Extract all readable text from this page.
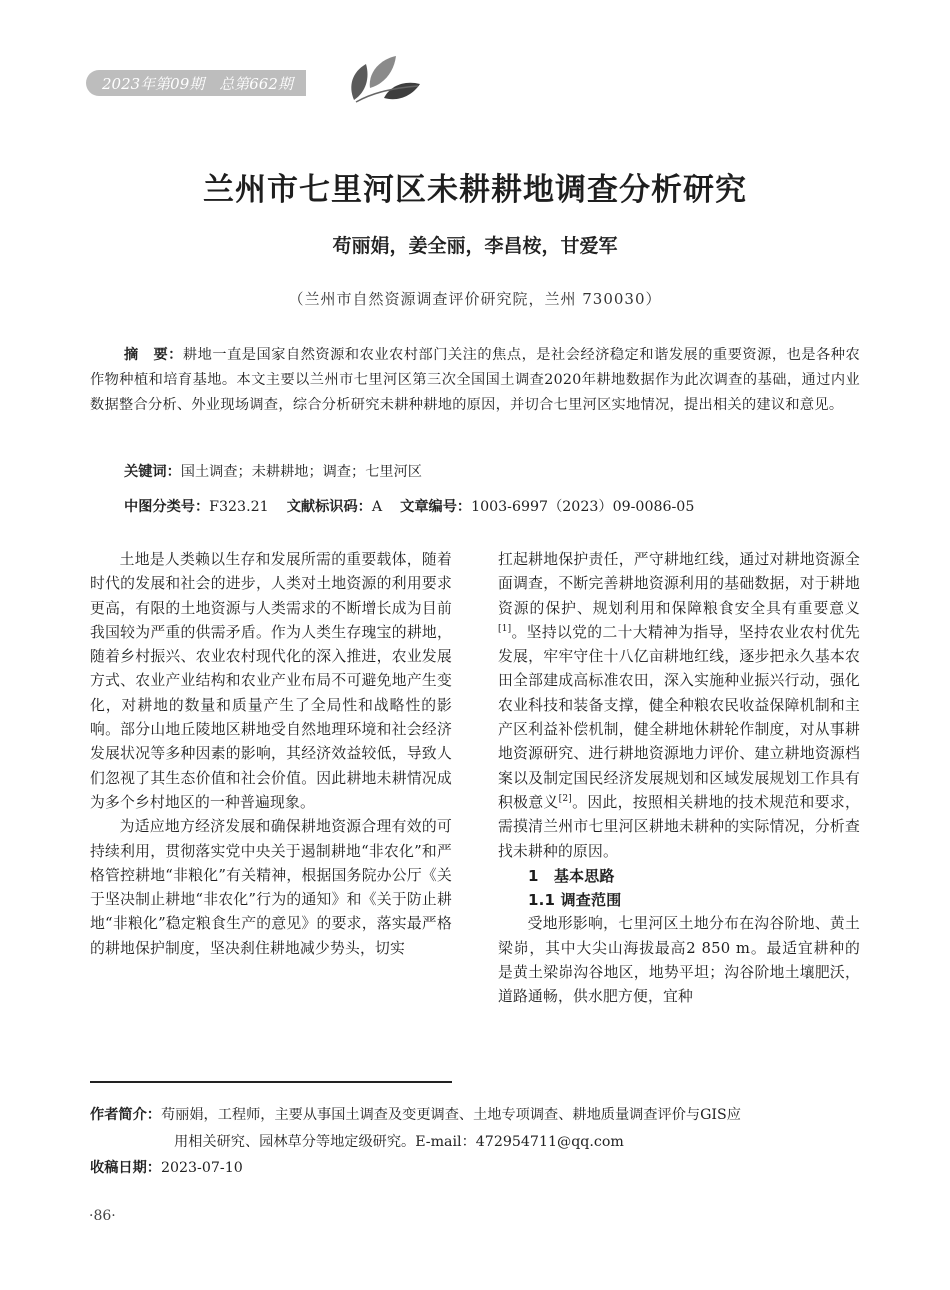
2023年第09期　总第662期
兰州市七里河区未耕耕地调查分析研究
苟丽娟，姜全丽，李昌桉，甘爱军
（兰州市自然资源调查评价研究院，兰州 730030）
摘　要：耕地一直是国家自然资源和农业农村部门关注的焦点，是社会经济稳定和谐发展的重要资源，也是各种农作物种植和培育基地。本文主要以兰州市七里河区第三次全国国土调查2020年耕地数据作为此次调查的基础，通过内业数据整合分析、外业现场调查，综合分析研究未耕种耕地的原因，并切合七里河区实地情况，提出相关的建议和意见。
关键词：国土调查；未耕耕地；调查；七里河区
中图分类号：F323.21 文献标识码：A 文章编号：1003-6997（2023）09-0086-05

土地是人类赖以生存和发展所需的重要载体，随着时代的发展和社会的进步，人类对土地资源的利用要求更高，有限的土地资源与人类需求的不断增长成为目前我国较为严重的供需矛盾。作为人类生存瑰宝的耕地，随着乡村振兴、农业农村现代化的深入推进，农业发展方式、农业产业结构和农业产业布局不可避免地产生变化，对耕地的数量和质量产生了全局性和战略性的影响。部分山地丘陵地区耕地受自然地理环境和社会经济发展状况等多种因素的影响，其经济效益较低，导致人们忽视了其生态价值和社会价值。因此耕地未耕情况成为多个乡村地区的一种普遍现象。

为适应地方经济发展和确保耕地资源合理有效的可持续利用，贯彻落实党中央关于遏制耕地“非农化”和严格管控耕地“非粮化”有关精神，根据国务院办公厅《关于坚决制止耕地“非农化”行为的通知》和《关于防止耕地“非粮化”稳定粮食生产的意见》的要求，落实最严格的耕地保护制度，坚决刹住耕地减少势头，切实

扛起耕地保护责任，严守耕地红线，通过对耕地资源全面调查，不断完善耕地资源利用的基础数据，对于耕地资源的保护、规划利用和保障粮食安全具有重要意义[1]。坚持以党的二十大精神为指导，坚持农业农村优先发展，牢牢守住十八亿亩耕地红线，逐步把永久基本农田全部建成高标准农田，深入实施种业振兴行动，强化农业科技和装备支撑，健全种粮农民收益保障机制和主产区利益补偿机制，健全耕地休耕轮作制度，对从事耕地资源研究、进行耕地资源地力评价、建立耕地资源档案以及制定国民经济发展规划和区域发展规划工作具有积极意义[2]。因此，按照相关耕地的技术规范和要求，需摸清兰州市七里河区耕地未耕种的实际情况，分析查找未耕种的原因。

1　基本思路

1.1 调查范围

受地形影响，七里河区土地分布在沟谷阶地、黄土梁峁，其中大尖山海拔最高2 850 m。最适宜耕种的是黄土梁峁沟谷地区，地势平坦；沟谷阶地土壤肥沃，道路通畅，供水肥方便，宜种

作者简介：苟丽娟，工程师，主要从事国土调查及变更调查、土地专项调查、耕地质量调查评价与GIS应
用相关研究、园林草分等地定级研究。E-mail：472954711@qq.com
收稿日期：2023-07-10
·86·
